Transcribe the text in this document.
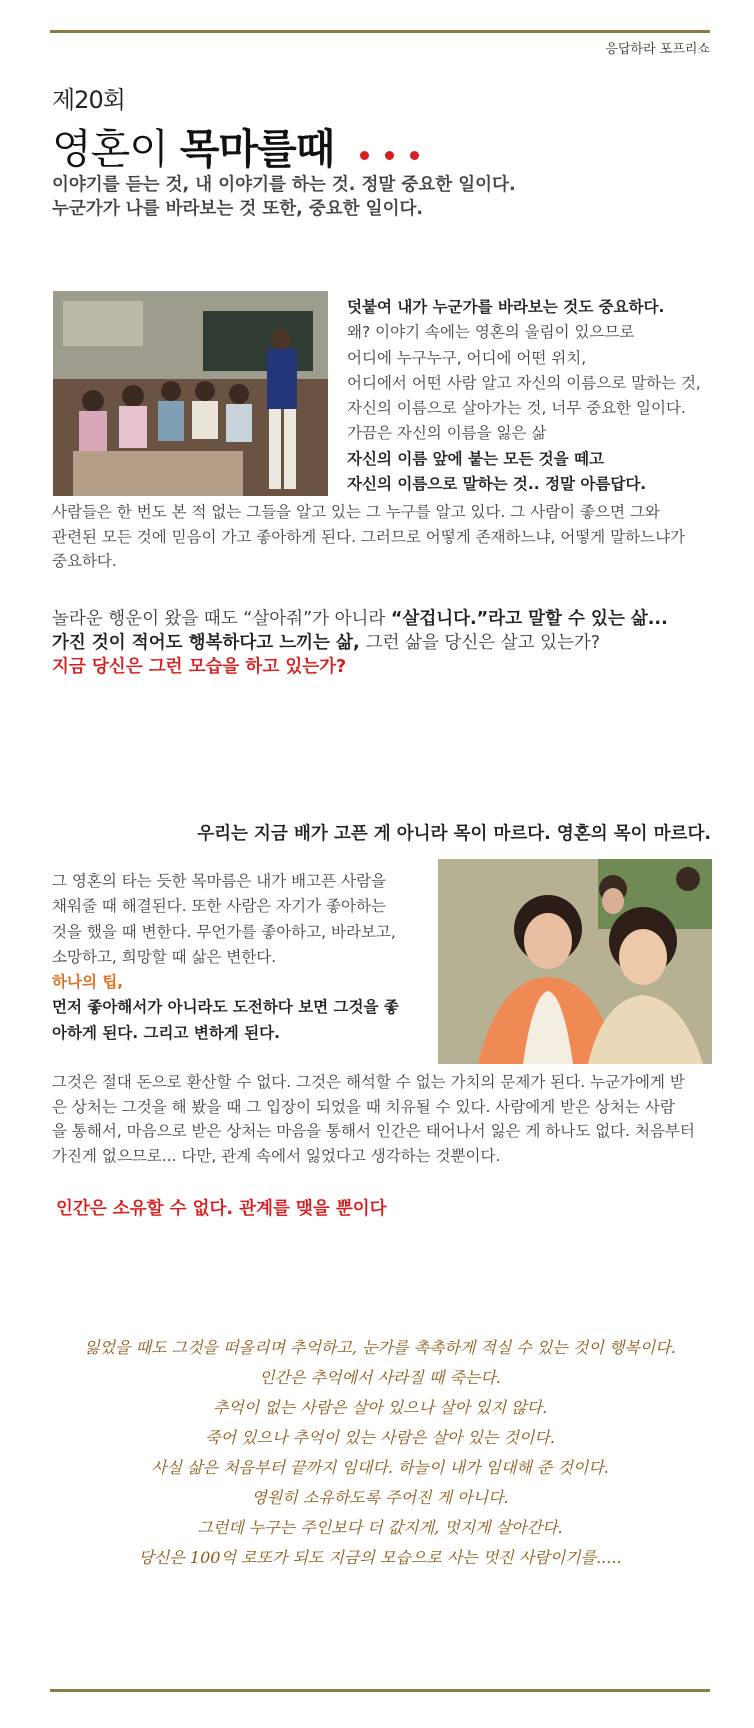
응답하라 포프리쇼
제20회
영혼이 목마를때
이야기를 듣는 것, 내 이야기를 하는 것. 정말 중요한 일이다.
누군가가 나를 바라보는 것 또한, 중요한 일이다.
덧붙여 내가 누군가를 바라보는 것도 중요하다.
왜? 이야기 속에는 영혼의 울림이 있으므로
어디에 누구누구, 어디에 어떤 위치,
어디에서 어떤 사람 알고 자신의 이름으로 말하는 것,
자신의 이름으로 살아가는 것, 너무 중요한 일이다.
가끔은 자신의 이름을 잃은 삶
자신의 이름 앞에 붙는 모든 것을 떼고
자신의 이름으로 말하는 것.. 정말 아름답다.
사람들은 한 번도 본 적 없는 그들을 알고 있는 그 누구를 알고 있다. 그 사람이 좋으면 그와
관련된 모든 것에 믿음이 가고 좋아하게 된다. 그러므로 어떻게 존재하느냐, 어떻게 말하느냐가
중요하다.
놀라운 행운이 왔을 때도 “살아줘”가 아니라 “살겁니다.”라고 말할 수 있는 삶...
가진 것이 적어도 행복하다고 느끼는 삶, 그런 삶을 당신은 살고 있는가?
지금 당신은 그런 모습을 하고 있는가?
우리는 지금 배가 고픈 게 아니라 목이 마르다. 영혼의 목이 마르다.
그 영혼의 타는 듯한 목마름은 내가 배고픈 사람을
채워줄 때 해결된다. 또한 사람은 자기가 좋아하는
것을 했을 때 변한다. 무언가를 좋아하고, 바라보고,
소망하고, 희망할 때 삶은 변한다.
하나의 팁,
먼저 좋아해서가 아니라도 도전하다 보면 그것을 좋
아하게 된다. 그리고 변하게 된다.
그것은 절대 돈으로 환산할 수 없다. 그것은 해석할 수 없는 가치의 문제가 된다. 누군가에게 받
은 상처는 그것을 해 봤을 때 그 입장이 되었을 때 치유될 수 있다. 사람에게 받은 상처는 사람
을 통해서, 마음으로 받은 상처는 마음을 통해서 인간은 태어나서 잃은 게 하나도 없다. 처음부터
가진게 없으므로... 다만, 관계 속에서 잃었다고 생각하는 것뿐이다.
인간은 소유할 수 없다. 관계를 맺을 뿐이다
잃었을 때도 그것을 떠올리며 추억하고, 눈가를 촉촉하게 적실 수 있는 것이 행복이다.
인간은 추억에서 사라질 때 죽는다.
추억이 없는 사람은 살아 있으나 살아 있지 않다.
죽어 있으나 추억이 있는 사람은 살아 있는 것이다.
사실 삶은 처음부터 끝까지 임대다. 하늘이 내가 임대해 준 것이다.
영원히 소유하도록 주어진 게 아니다.
그런데 누구는 주인보다 더 값지게, 멋지게 살아간다.
당신은 100억 로또가 되도 지금의 모습으로 사는 멋진 사람이기를.....
